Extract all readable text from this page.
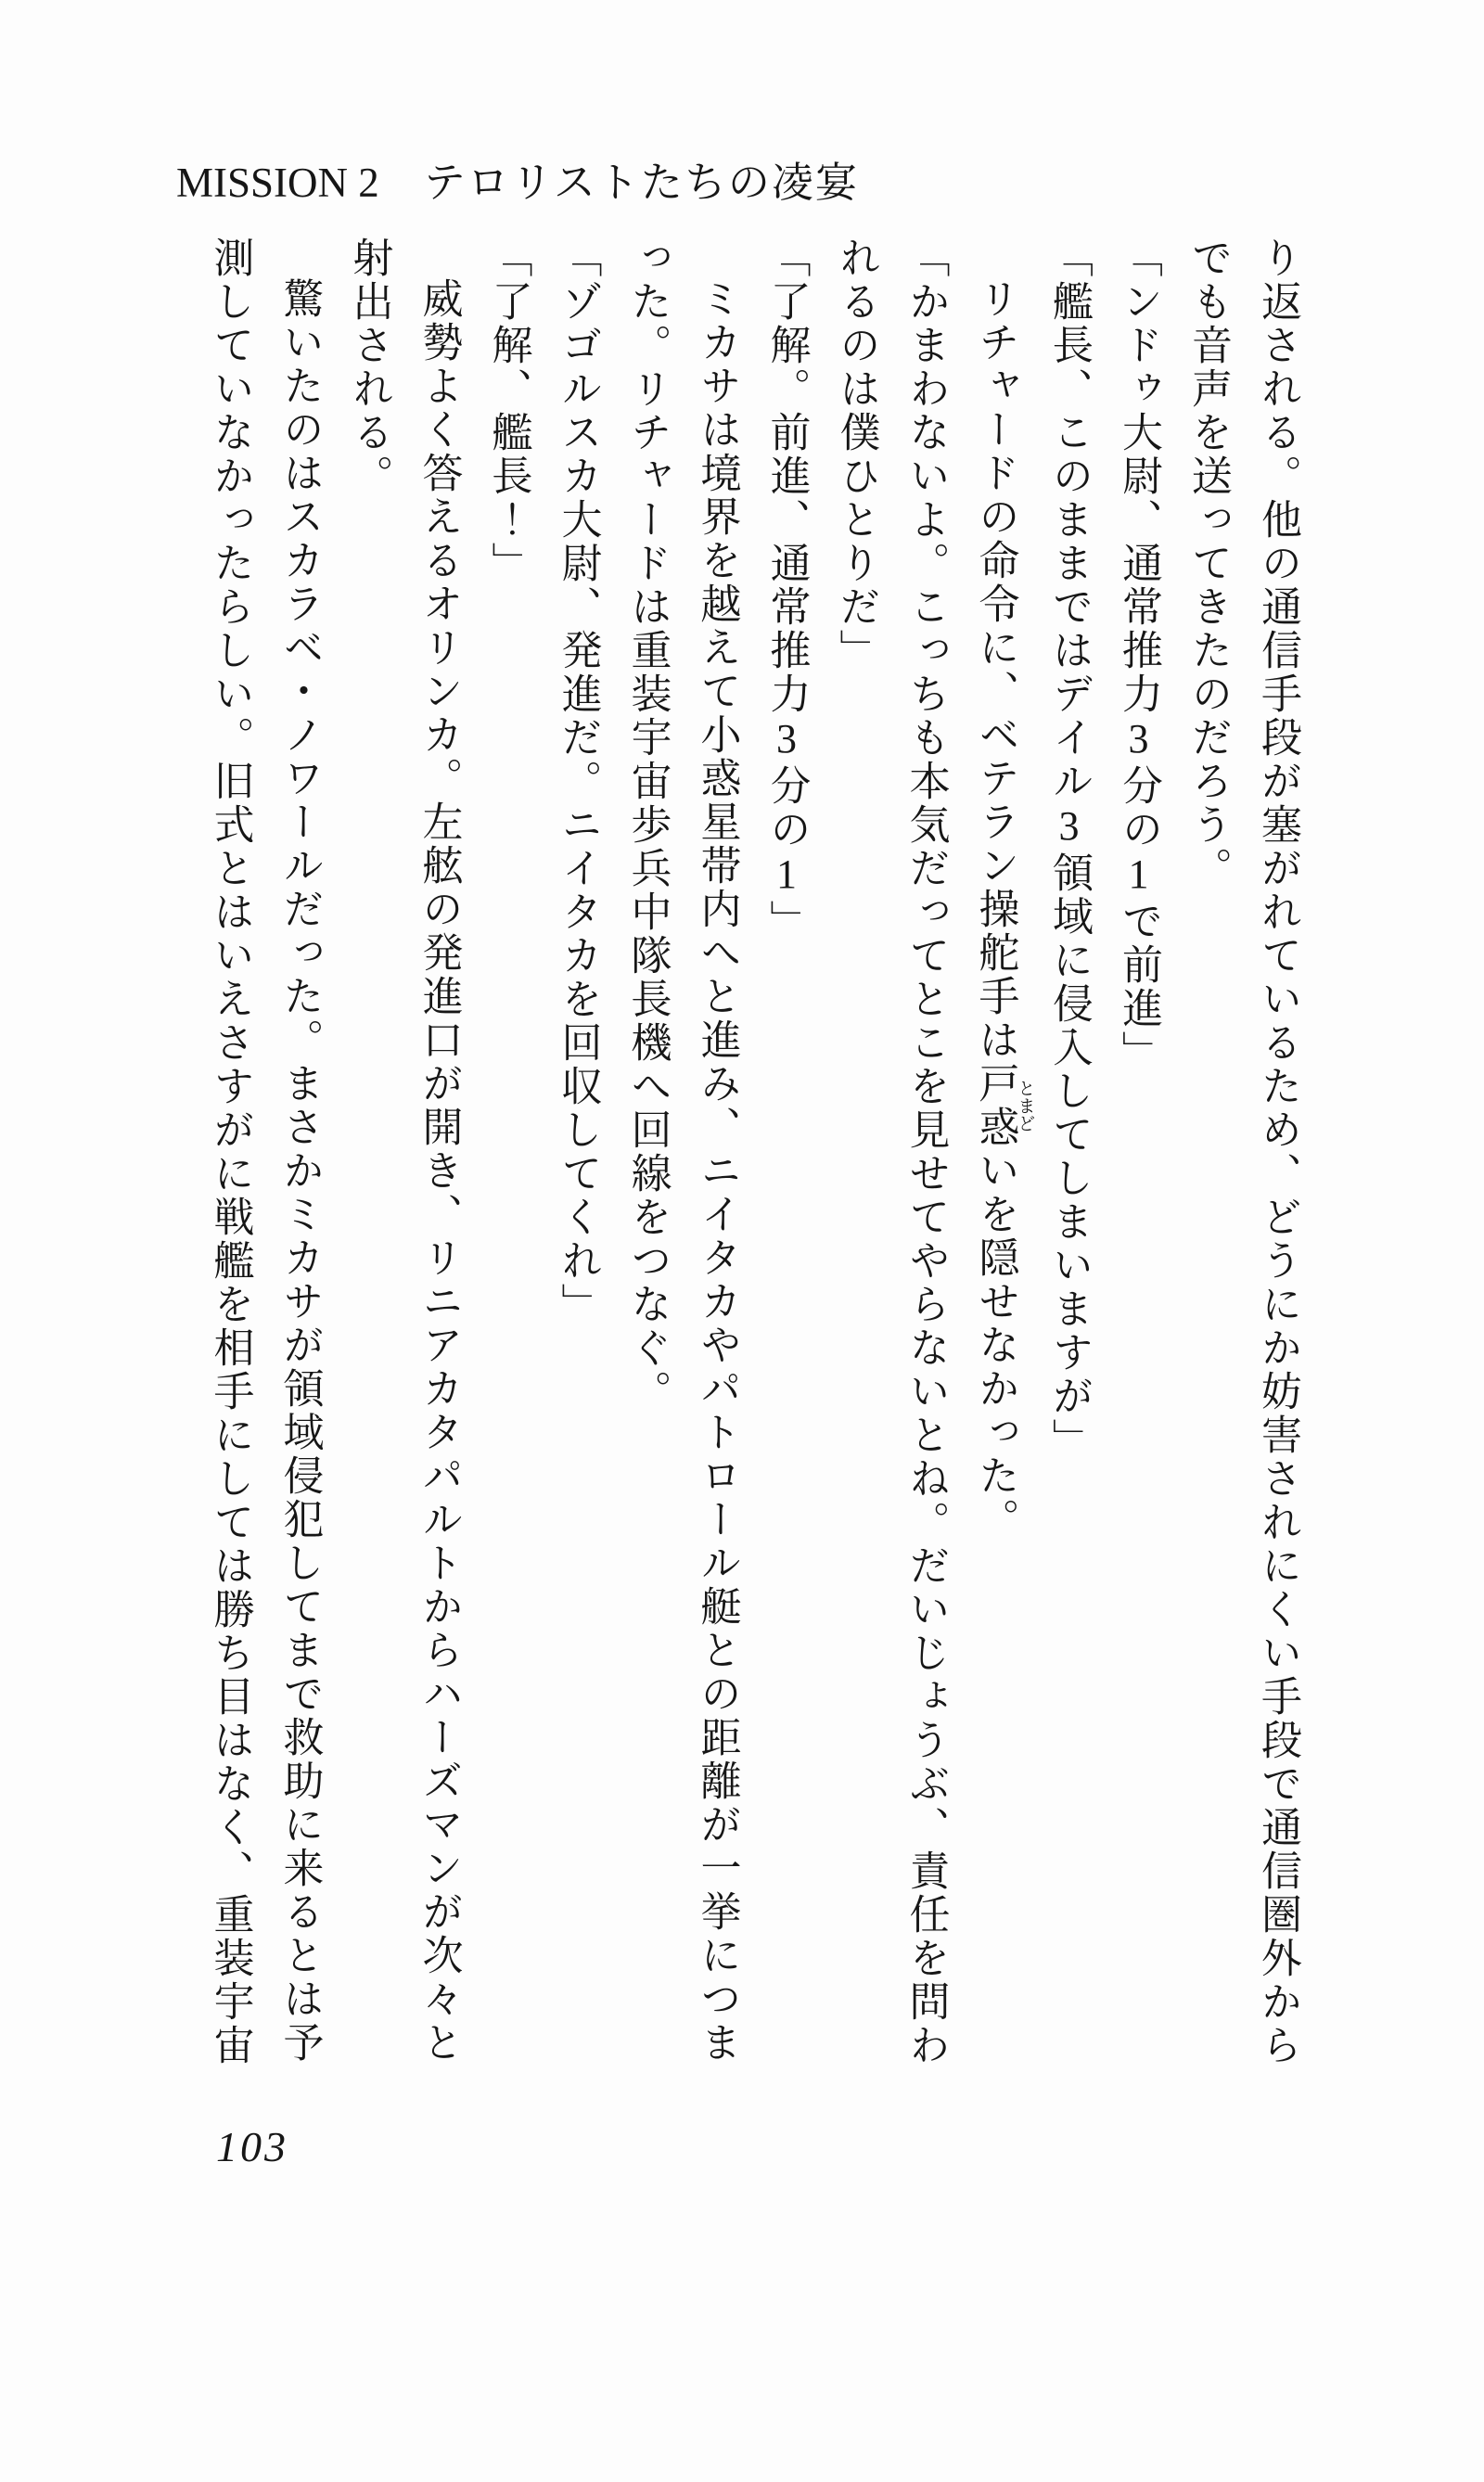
MISSION 2 テロリストたちの凌宴

り返される。他の通信手段が塞がれているため、どうにか妨害されにくい手段で通信圏外から

でも音声を送ってきたのだろう。

「ンドゥ大尉、通常推力3分の1で前進」

「艦長、このままではデイル3領域に侵入してしまいますが」

リチャードの命令に、ベテラン操舵手は戸惑とまどいを隠せなかった。

「かまわないよ。こっちも本気だってとこを見せてやらないとね。だいじょうぶ、責任を問わ

れるのは僕ひとりだ」

「了解。前進、通常推力3分の1」

ミカサは境界を越えて小惑星帯内へと進み、ニイタカやパトロール艇との距離が一挙につま

った。リチャードは重装宇宙歩兵中隊長機へ回線をつなぐ。

「ゾゴルスカ大尉、発進だ。ニイタカを回収してくれ」

「了解、艦長！」

威勢よく答えるオリンカ。左舷の発進口が開き、リニアカタパルトからハーズマンが次々と

射出される。

驚いたのはスカラベ・ノワールだった。まさかミカサが領域侵犯してまで救助に来るとは予

測していなかったらしい。旧式とはいえさすがに戦艦を相手にしては勝ち目はなく、重装宇宙

103
